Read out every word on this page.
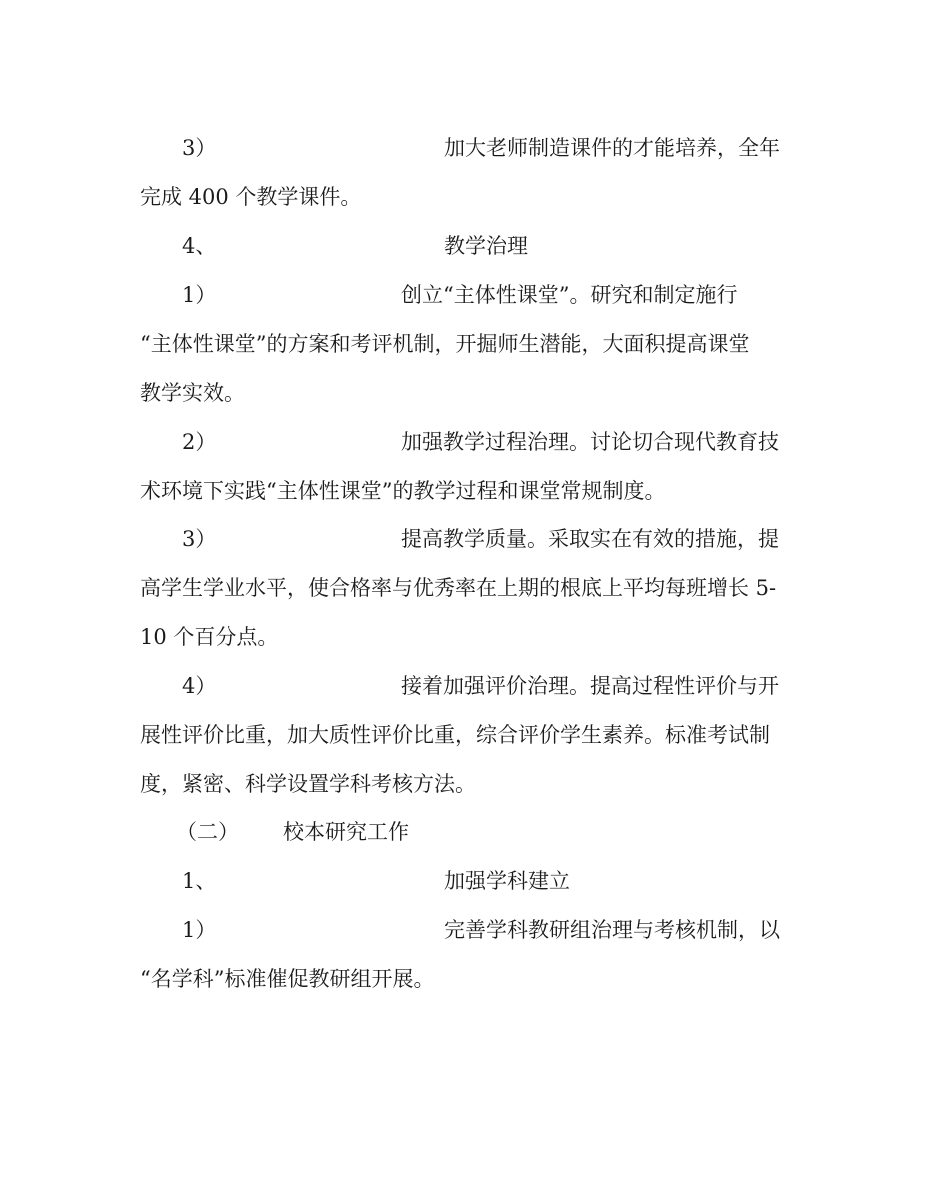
3）	加大老师制造课件的才能培养，全年
完成 400 个教学课件。
4、	教学治理
1）	创立“主体性课堂”。研究和制定施行
“主体性课堂”的方案和考评机制，开掘师生潜能，大面积提高课堂
教学实效。
2）	加强教学过程治理。讨论切合现代教育技
术环境下实践“主体性课堂”的教学过程和课堂常规制度。
3）	提高教学质量。采取实在有效的措施，提
高学生学业水平，使合格率与优秀率在上期的根底上平均每班增长 5-
10 个百分点。
4）	接着加强评价治理。提高过程性评价与开
展性评价比重，加大质性评价比重，综合评价学生素养。标准考试制
度，紧密、科学设置学科考核方法。
（二） 校本研究工作
1、	加强学科建立
1）	完善学科教研组治理与考核机制，以
“名学科”标准催促教研组开展。
